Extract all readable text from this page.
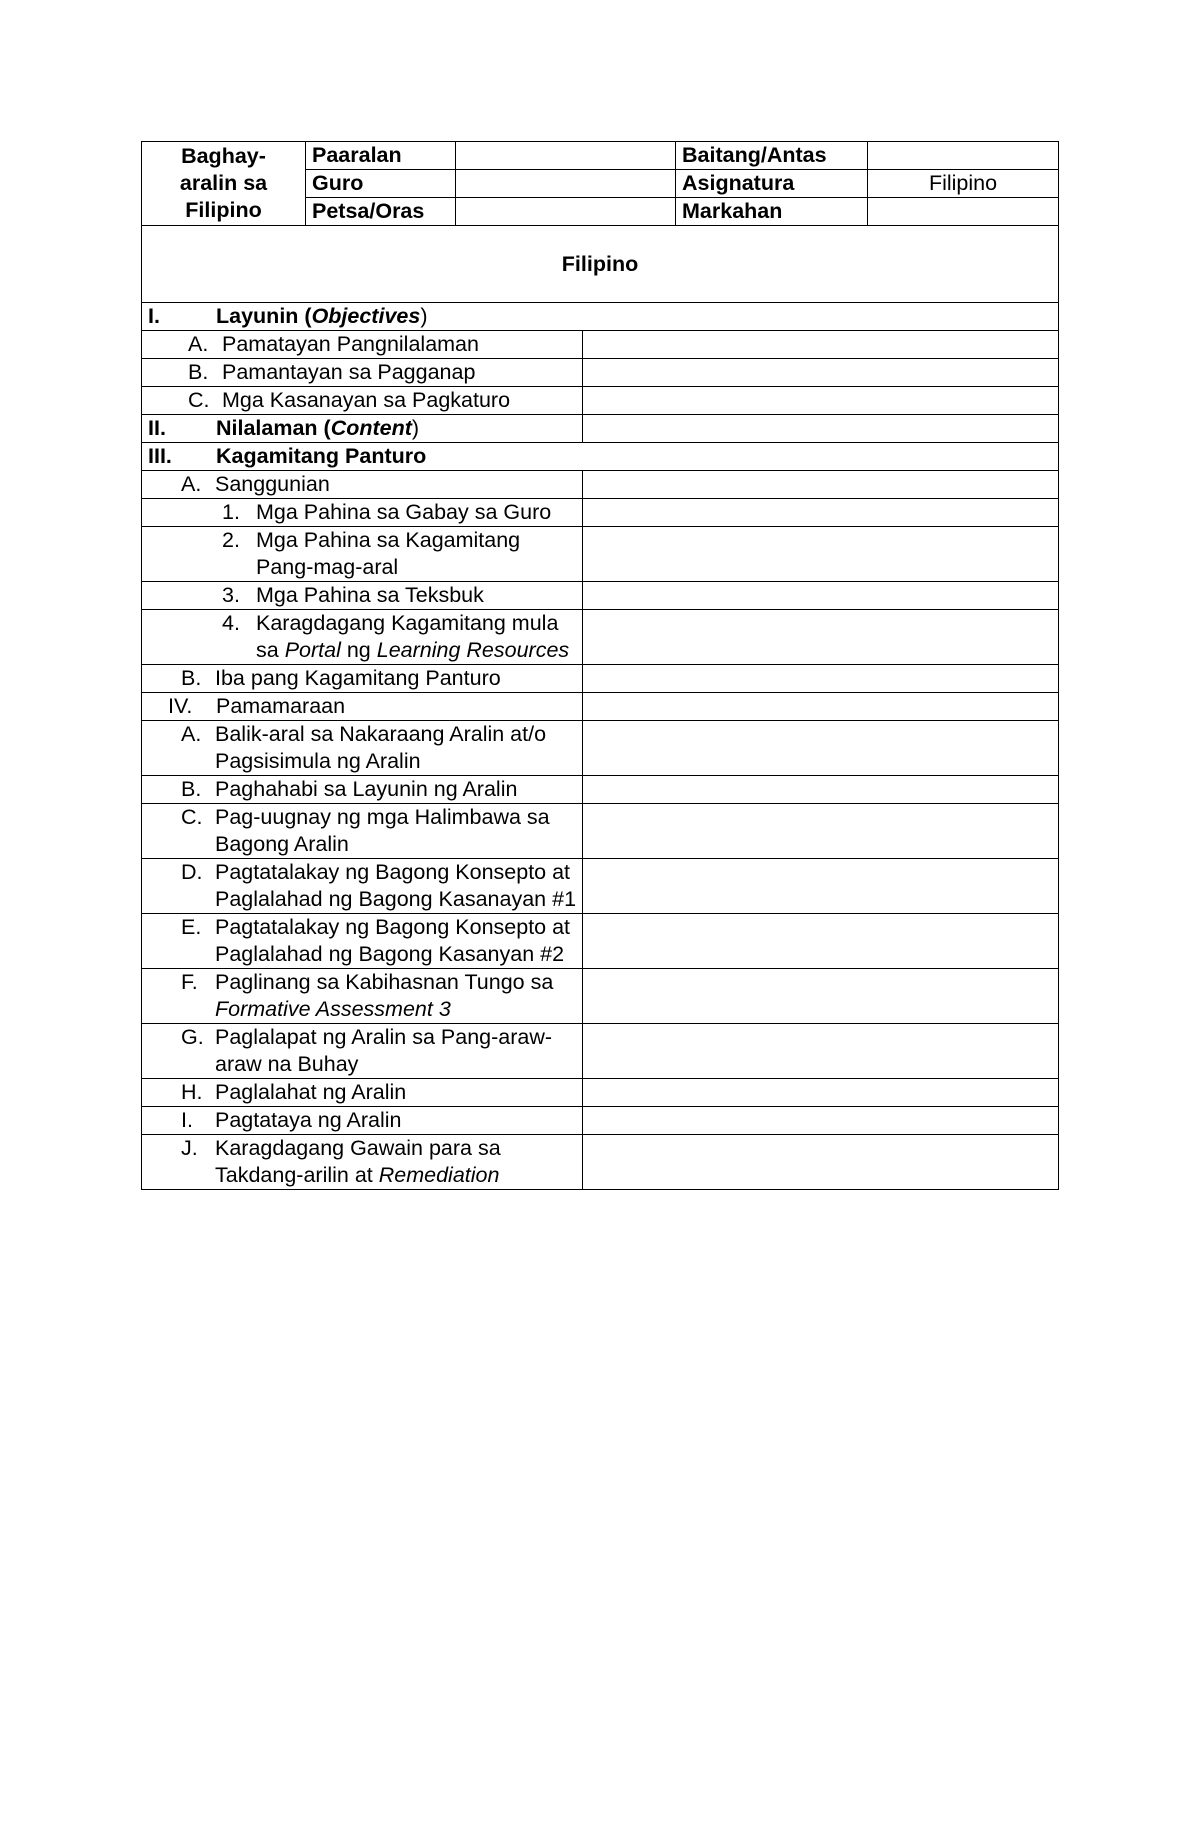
Baghay-
aralin sa
Filipino	Paaralan		Baitang/Antas	
	Guro		Asignatura	Filipino
	Petsa/Oras		Markahan	
Filipino				
I. Layunin (Objectives)	

A. Pamatayan Pangnilalaman	

B. Pamantayan sa Pagganap	

C. Mga Kasanayan sa Pagkaturo	

II. Nilalaman (Content)	
III. Kagamitang Panturo	

A. Sanggunian	

1. Mga Pahina sa Gabay sa Guro	

2. Mga Pahina sa Kagamitang Pang-mag-aral	

3. Mga Pahina sa Teksbuk	

4. Karagdagang Kagamitang mula sa Portal ng Learning Resources	

B. Iba pang Kagamitang Panturo	

IV. Pamamaraan	

A. Balik-aral sa Nakaraang Aralin at/o Pagsisimula ng Aralin	

B. Paghahabi sa Layunin ng Aralin	

C. Pag-uugnay ng mga Halimbawa sa Bagong Aralin	

D. Pagtatalakay ng Bagong Konsepto at Paglalahad ng Bagong Kasanayan #1	

E. Pagtatalakay ng Bagong Konsepto at Paglalahad ng Bagong Kasanyan #2	

F. Paglinang sa Kabihasnan Tungo sa Formative Assessment 3	

G. Paglalapat ng Aralin sa Pang-araw-araw na Buhay	

H. Paglalahat ng Aralin	

I. Pagtataya ng Aralin	

J. Karagdagang Gawain para sa Takdang-arilin at Remediation	
